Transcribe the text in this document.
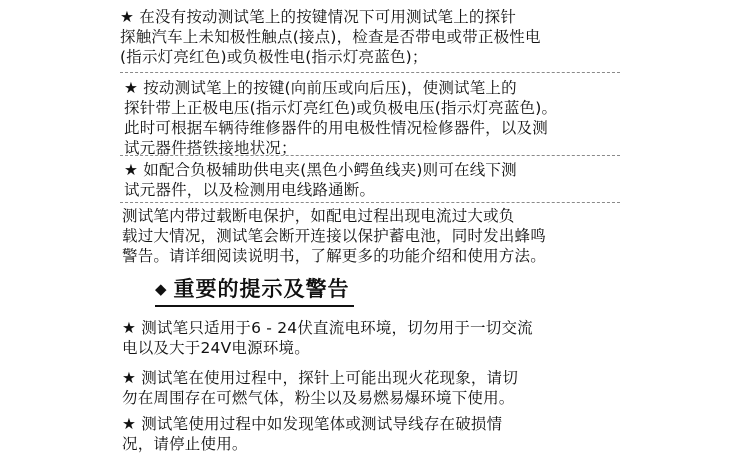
★ 在没有按动测试笔上的按键情况下可用测试笔上的探针
探触汽车上未知极性触点(接点)，检查是否带电或带正极性电
(指示灯亮红色)或负极性电(指示灯亮蓝色)；
★ 按动测试笔上的按键(向前压或向后压)，使测试笔上的
探针带上正极电压(指示灯亮红色)或负极电压(指示灯亮蓝色)。
此时可根据车辆待维修器件的用电极性情况检修器件，以及测
试元器件搭铁接地状况；
★ 如配合负极辅助供电夹(黑色小鳄鱼线夹)则可在线下测
试元器件，以及检测用电线路通断。
测试笔内带过载断电保护，如配电过程出现电流过大或负
载过大情况，测试笔会断开连接以保护蓄电池，同时发出蜂鸣
警告。请详细阅读说明书，了解更多的功能介绍和使用方法。
◆ 重要的提示及警告
★ 测试笔只适用于6 - 24伏直流电环境，切勿用于一切交流
电以及大于24V电源环境。
★ 测试笔在使用过程中，探针上可能出现火花现象，请切
勿在周围存在可燃气体，粉尘以及易燃易爆环境下使用。
★ 测试笔使用过程中如发现笔体或测试导线存在破损情
况，请停止使用。
